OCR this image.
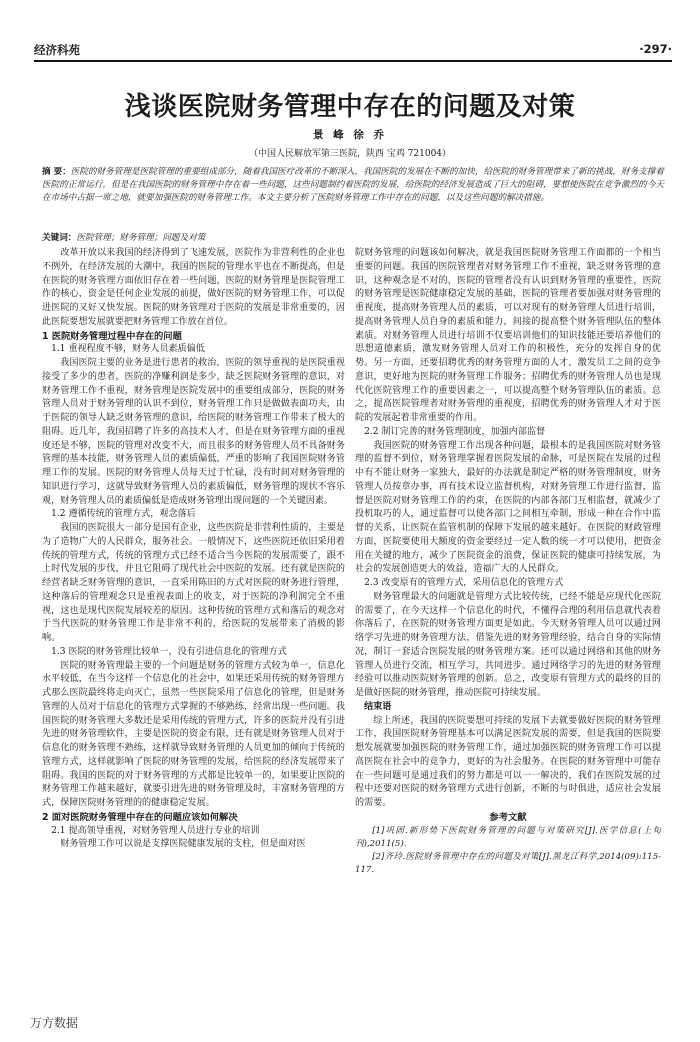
经济科苑	·297·
浅谈医院财务管理中存在的问题及对策
景 峰 徐 乔
（中国人民解放军第三医院，陕西 宝鸡 721004）
摘 要：医院的财务管理是医院管理的重要组成部分，随着我国医疗改革的不断深入，我国医院的发展在不断的加快，给医院的财务管理带来了新的挑战，财务支撑着医院的正常运行，但是在我国医院的财务管理中存在着一些问题，这些问题制约着医院的发展，给医院的经济发展造成了巨大的阻碍，要想使医院在竞争激烈的今天在市场中占据一席之地，就要加强医院的财务管理工作。本文主要分析了医院财务管理工作中存在的问题，以及这些问题的解决措施。
关键词：医院管理；财务管理；问题及对策

改革开放以来我国的经济得到了飞速发展，医院作为非营利性的企业也不例外，在经济发展的大潮中，我国的医院的管理水平也在不断提高，但是在医院的财务管理方面依旧存在着一些问题，医院的财务管理是医院管理工作的核心，资金是任何企业发展的前提，做好医院的财务管理工作，可以促进医院的又好又快发展。医院的财务管理对于医院的发展是非常重要的，因此医院要想发展就要把财务管理工作放在首位。

1 医院财务管理过程中存在的问题
1.1 重视程度不够，财务人员素质偏低

我国医院主要的业务是进行患者的救治，医院的领导重视的是医院重视接受了多少的患者，医院的净赚利润是多少，缺乏医院财务管理的意识，对财务管理工作不重视，财务管理是医院发展中的重要组成部分，医院的财务管理人员对于财务管理的认识不到位，财务管理工作只是做做表面功夫，由于医院的领导人缺乏财务管理的意识，给医院的财务管理工作带来了极大的阻碍。近几年，我国招聘了许多的高技术人才，但是在财务管理方面的重视度还是不够，医院的管理对改变不大，而且很多的财务管理人员不具备财务管理的基本技能，财务管理人员的素质偏低，严重的影响了我国医院财务管理工作的发展。医院的财务管理人员每天过于忙碌，没有时间对财务管理的知识进行学习，这就导致财务管理人员的素质偏低，财务管理的现状不容乐观，财务管理人员的素质偏低是造成财务管理出现问题的一个关键因素。

1.2 遵循传统的管理方式，观念落后

我国的医院很大一部分是国有企业，这些医院是非营利性质的，主要是为了造物广大的人民群众，服务社会。一般情况下，这些医院还依旧采用着传统的管理方式，传统的管理方式已经不适合当今医院的发展需要了，跟不上时代发展的步伐，并且它阻碍了现代社会中医院的发展。还有就是医院的经营者缺乏财务管理的意识，一直采用陈旧的方式对医院的财务进行管理，这种落后的管理观念只是重视表面上的收支，对于医院的净利润完全不重视，这也是现代医院发展较差的原因。这种传统的管理方式和落后的观念对于当代医院的财务管理工作是非常不利的，给医院的发展带来了消极的影响。

1.3 医院的财务管理比较单一，没有引进信息化的管理方式

医院的财务管理最主要的一个问题是财务的管理方式较为单一，信息化水平较低，在当今这样一个信息化的社会中，如果还采用传统的财务管理方式那么医院最终将走向灭亡，虽然一些医院采用了信息化的管理，但是财务管理的人员对于信息化的管理方式掌握的不够熟练，经常出现一些问题。我国医院的财务管理大多数还是采用传统的管理方式，许多的医院并没有引进先进的财务管理软件，主要是医院的资金有限，还有就是财务管理人员对于信息化的财务管理不熟练，这样就导致财务管理的人员更加的倾向于传统的管理方式，这样就影响了医院的财务管理的发展，给医院的经济发展带来了阻碍。我国的医院的对于财务管理的方式都是比较单一的，如果要让医院的财务管理工作越来越好，就要引进先进的财务管理及时，丰富财务管理的方式，保障医院财务管理的的健康稳定发展。

2 面对医院财务管理中存在的问题应该如何解决
2.1 提高领导重视，对财务管理人员进行专业的培训

财务管理工作可以说是支撑医院健康发展的支柱，但是面对医

院财务管理的问题该如何解决，就是我国医院财务管理工作面都的一个相当重要的问题。我国的医院管理者对财务管理工作不重视，缺乏财务管理的意识，这种观念是不对的，医院的管理者没有认识到财务管理的重要性，医院的财务管理是医院健康稳定发展的基础，医院的管理者要加强对财务管理的重视度，提高财务管理人员的素质，可以对现有的财务管理人员进行培训，提高财务管理人员自身的素质和能力，间接的提高整个财务管理队伍的整体素质。对财务管理人员进行培训不仅要培训他们的知识技能还要培养他们的思想道德素质，激发财务管理人员对工作的积极性，充分的发挥自身的优势。另一方面，还要招聘优秀的财务管理方面的人才，激发员工之间的竞争意识，更好地为医院的财务管理工作服务；招聘优秀的财务管理人员也是现代化医院管理工作的重要因素之一，可以提高整个财务管理队伍的素质。总之，提高医院管理者对财务管理的重视度，招聘优秀的财务管理人才对于医院的发展起着非常重要的作用。

2.2 制订完善的财务管理制度，加强内部监督

我国医院的财务管理工作出现各种问题，最根本的是我国医院对财务管理的监督不到位，财务管理掌握着医院发展的命脉，可是医院在发展的过程中有不能让财务一家独大，最好的办法就是制定严格的财务管理制度，财务管理人员按章办事，再有技术设立监督机构，对财务管理工作进行监督，监督是医院对财务管理工作的约束，在医院的内部各部门互相监督，就减少了投机取巧的人，通过监督可以使各部门之间相互牵制，形成一种在合作中监督的关系，让医院在监管机制的保障下发展的越来越好。在医院的财政管理方面，医院要使用大额度的资金要经过一定人数的统一才可以使用，把资金用在关键的地方，减少了医院资金的浪费，保证医院的健康可持续发展，为社会的发展创造更大的效益，造福广大的人民群众。

2.3 改变原有的管理方式，采用信息化的管理方式

财务管理最大的问题就是管理方式比较传统，已经不能是应现代化医院的需要了，在今天这样一个信息化的时代，不懂得合理的利用信息就代表着你落后了，在医院的财务管理方面更是如此。今天财务管理人员可以通过网络学习先进的财务管理方法，借鉴先进的财务管理经验，结合自身的实际情况，制订一套适合医院发展的财务管理方案。还可以通过网络和其他的财务管理人员进行交流，相互学习，共同进步。通过网络学习的先进的财务管理经验可以推动医院财务管理的创新。总之，改变原有管理方式的最终的目的是做好医院的财务管理，推动医院可持续发展。

结束语

综上所述，我国的医院要想可持续的发展下去就要做好医院的财务管理工作，我国医院财务管理基本可以满足医院发展的需要，但是我国的医院要想发展就要加强医院的财务管理工作，通过加强医院的财务管理工作可以提高医院在社会中的竞争力，更好的为社会服务。在医院的财务管理中可能存在一些问题可是通过我们的努力都是可以一一解决的，我们在医院发展的过程中还要对医院的财务管理方式进行创新，不断的与时俱进，适应社会发展的需要。

参考文献

[1]巩固.新形势下医院财务管理的问题与对策研究[J].医学信息(上旬刊),2011(5).

[2]齐玲.医院财务管理中存在的问题及对策[J].黑龙江科学,2014(09):115-117.

万方数据
